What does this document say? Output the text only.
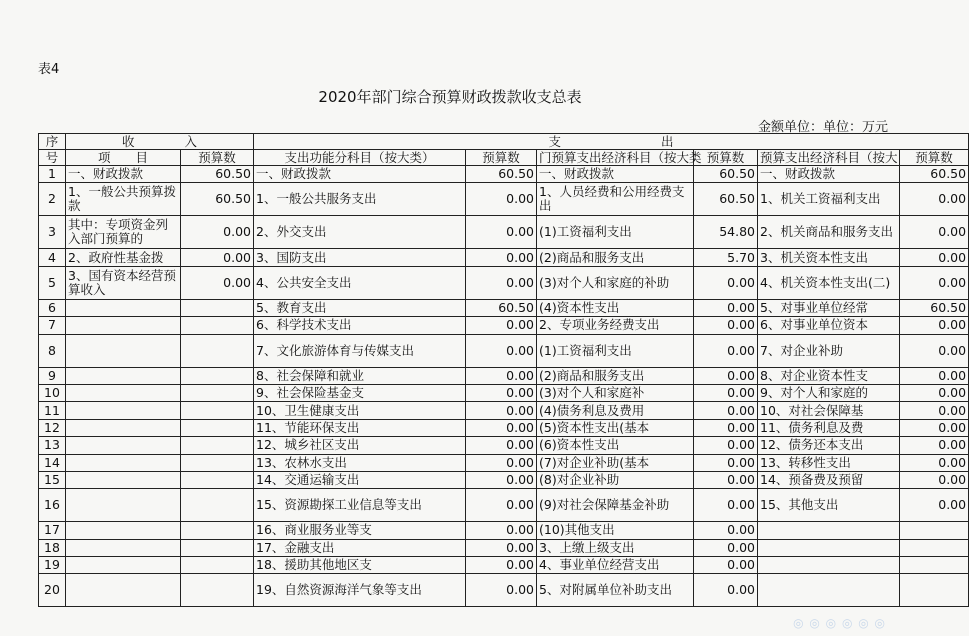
表4
2020年部门综合预算财政拨款收支总表
金额单位：单位：万元
序	收　　　　入		支　　　　　　　　出					
号	项　　目	预算数	支出功能分科目（按大类）	预算数	门预算支出经济科目（按大类	预算数	预算支出经济科目（按大	预算数
1	一、财政拨款	60.50	一、财政拨款	60.50	一、财政拨款	60.50	一、财政拨款	60.50
2	1、一般公共预算拨款	60.50	1、一般公共服务支出	0.00	1、人员经费和公用经费支出	60.50	1、机关工资福利支出	0.00
3	其中：专项资金列入部门预算的	0.00	2、外交支出	0.00	(1)工资福利支出	54.80	2、机关商品和服务支出	0.00
4	2、政府性基金拨	0.00	3、国防支出	0.00	(2)商品和服务支出	5.70	3、机关资本性支出	0.00
5	3、国有资本经营预算收入	0.00	4、公共安全支出	0.00	(3)对个人和家庭的补助	0.00	4、机关资本性支出(二)	0.00
6			5、教育支出	60.50	(4)资本性支出	0.00	5、对事业单位经常	60.50
7			6、科学技术支出	0.00	2、专项业务经费支出	0.00	6、对事业单位资本	0.00
8			7、文化旅游体育与传媒支出	0.00	(1)工资福利支出	0.00	7、对企业补助	0.00
9			8、社会保障和就业	0.00	(2)商品和服务支出	0.00	8、对企业资本性支	0.00
10			9、社会保险基金支	0.00	(3)对个人和家庭补	0.00	9、对个人和家庭的	0.00
11			10、卫生健康支出	0.00	(4)债务利息及费用	0.00	10、对社会保障基	0.00
12			11、节能环保支出	0.00	(5)资本性支出(基本	0.00	11、债务利息及费	0.00
13			12、城乡社区支出	0.00	(6)资本性支出	0.00	12、债务还本支出	0.00
14			13、农林水支出	0.00	(7)对企业补助(基本	0.00	13、转移性支出	0.00
15			14、交通运输支出	0.00	(8)对企业补助	0.00	14、预备费及预留	0.00
16			15、资源勘探工业信息等支出	0.00	(9)对社会保障基金补助	0.00	15、其他支出	0.00
17			16、商业服务业等支	0.00	(10)其他支出	0.00		
18			17、金融支出	0.00	3、上缴上级支出	0.00		
19			18、援助其他地区支	0.00	4、事业单位经营支出	0.00		
20			19、自然资源海洋气象等支出	0.00	5、对附属单位补助支出	0.00		
◎ ◎ ◎ ◎ ◎ ◎
